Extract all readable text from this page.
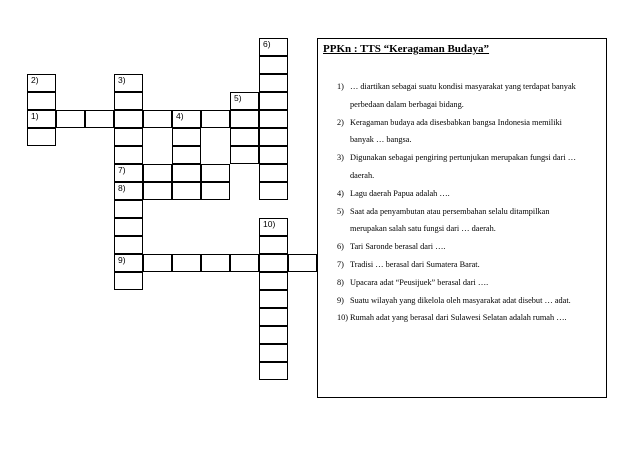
6)
2)	3)
5)
1)	4)
7)
8)
10)
9)
PPKn : TTS “Keragaman Budaya”
1) … diartikan sebagai suatu kondisi masyarakat yang terdapat banyak
perbedaan dalam berbagai bidang.
2) Keragaman budaya ada disesbabkan bangsa Indonesia memiliki
banyak … bangsa.
3) Digunakan sebagai pengiring pertunjukan merupakan fungsi dari …
daerah.
4) Lagu daerah Papua adalah ….
5) Saat ada penyambutan atau persembahan selalu ditampilkan
merupakan salah satu fungsi dari … daerah.
6) Tari Saronde berasal dari ….
7) Tradisi … berasal dari Sumatera Barat.
8) Upacara adat “Peusijuek” berasal dari ….
9) Suatu wilayah yang dikelola oleh masyarakat adat disebut … adat.
10) Rumah adat yang berasal dari Sulawesi Selatan adalah rumah ….
